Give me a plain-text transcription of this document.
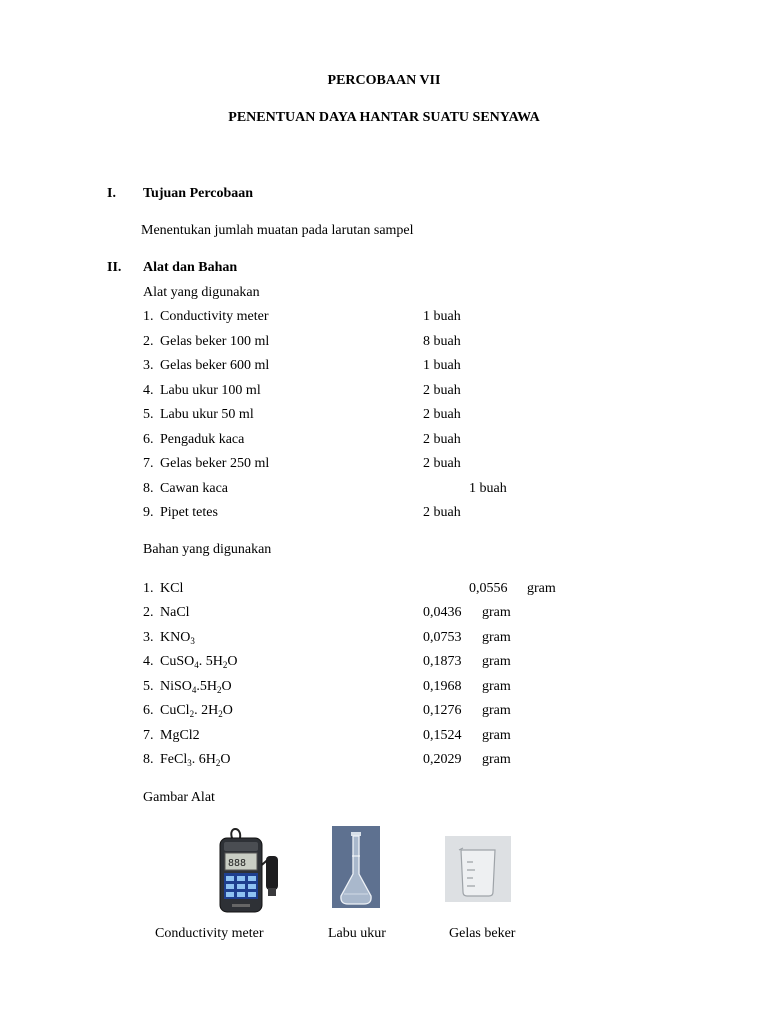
PERCOBAAN VII
PENENTUAN DAYA HANTAR SUATU SENYAWA
I. Tujuan Percobaan
Menentukan jumlah muatan pada larutan sampel
II. Alat dan Bahan
Alat yang digunakan
1. Conductivity meter	1 buah
2. Gelas beker 100 ml	8 buah
3. Gelas beker 600 ml	1 buah
4. Labu ukur 100 ml	2 buah
5. Labu ukur 50 ml	2 buah
6. Pengaduk kaca	2 buah
7. Gelas beker 250 ml	2 buah
8. Cawan kaca	1 buah
9. Pipet tetes	2 buah
Bahan yang digunakan
1. KCl	0,0556 gram
2. NaCl	0,0436 gram
3. $KNO_3$	0,0753 gram
4. CuSO$_4$. $5H_2O$	0,1873 gram
5. $NiSO_4.5H_2O$	0,1968 gram
6. CuCl$_2$. $2H_2O$	0,1276 gram
7. MgCl2	0,1524 gram
8. FeCl$_3$. $6H_2O$	0,2029 gram
Gambar Alat
888
Conductivity meter	Labu ukur	Gelas beker
